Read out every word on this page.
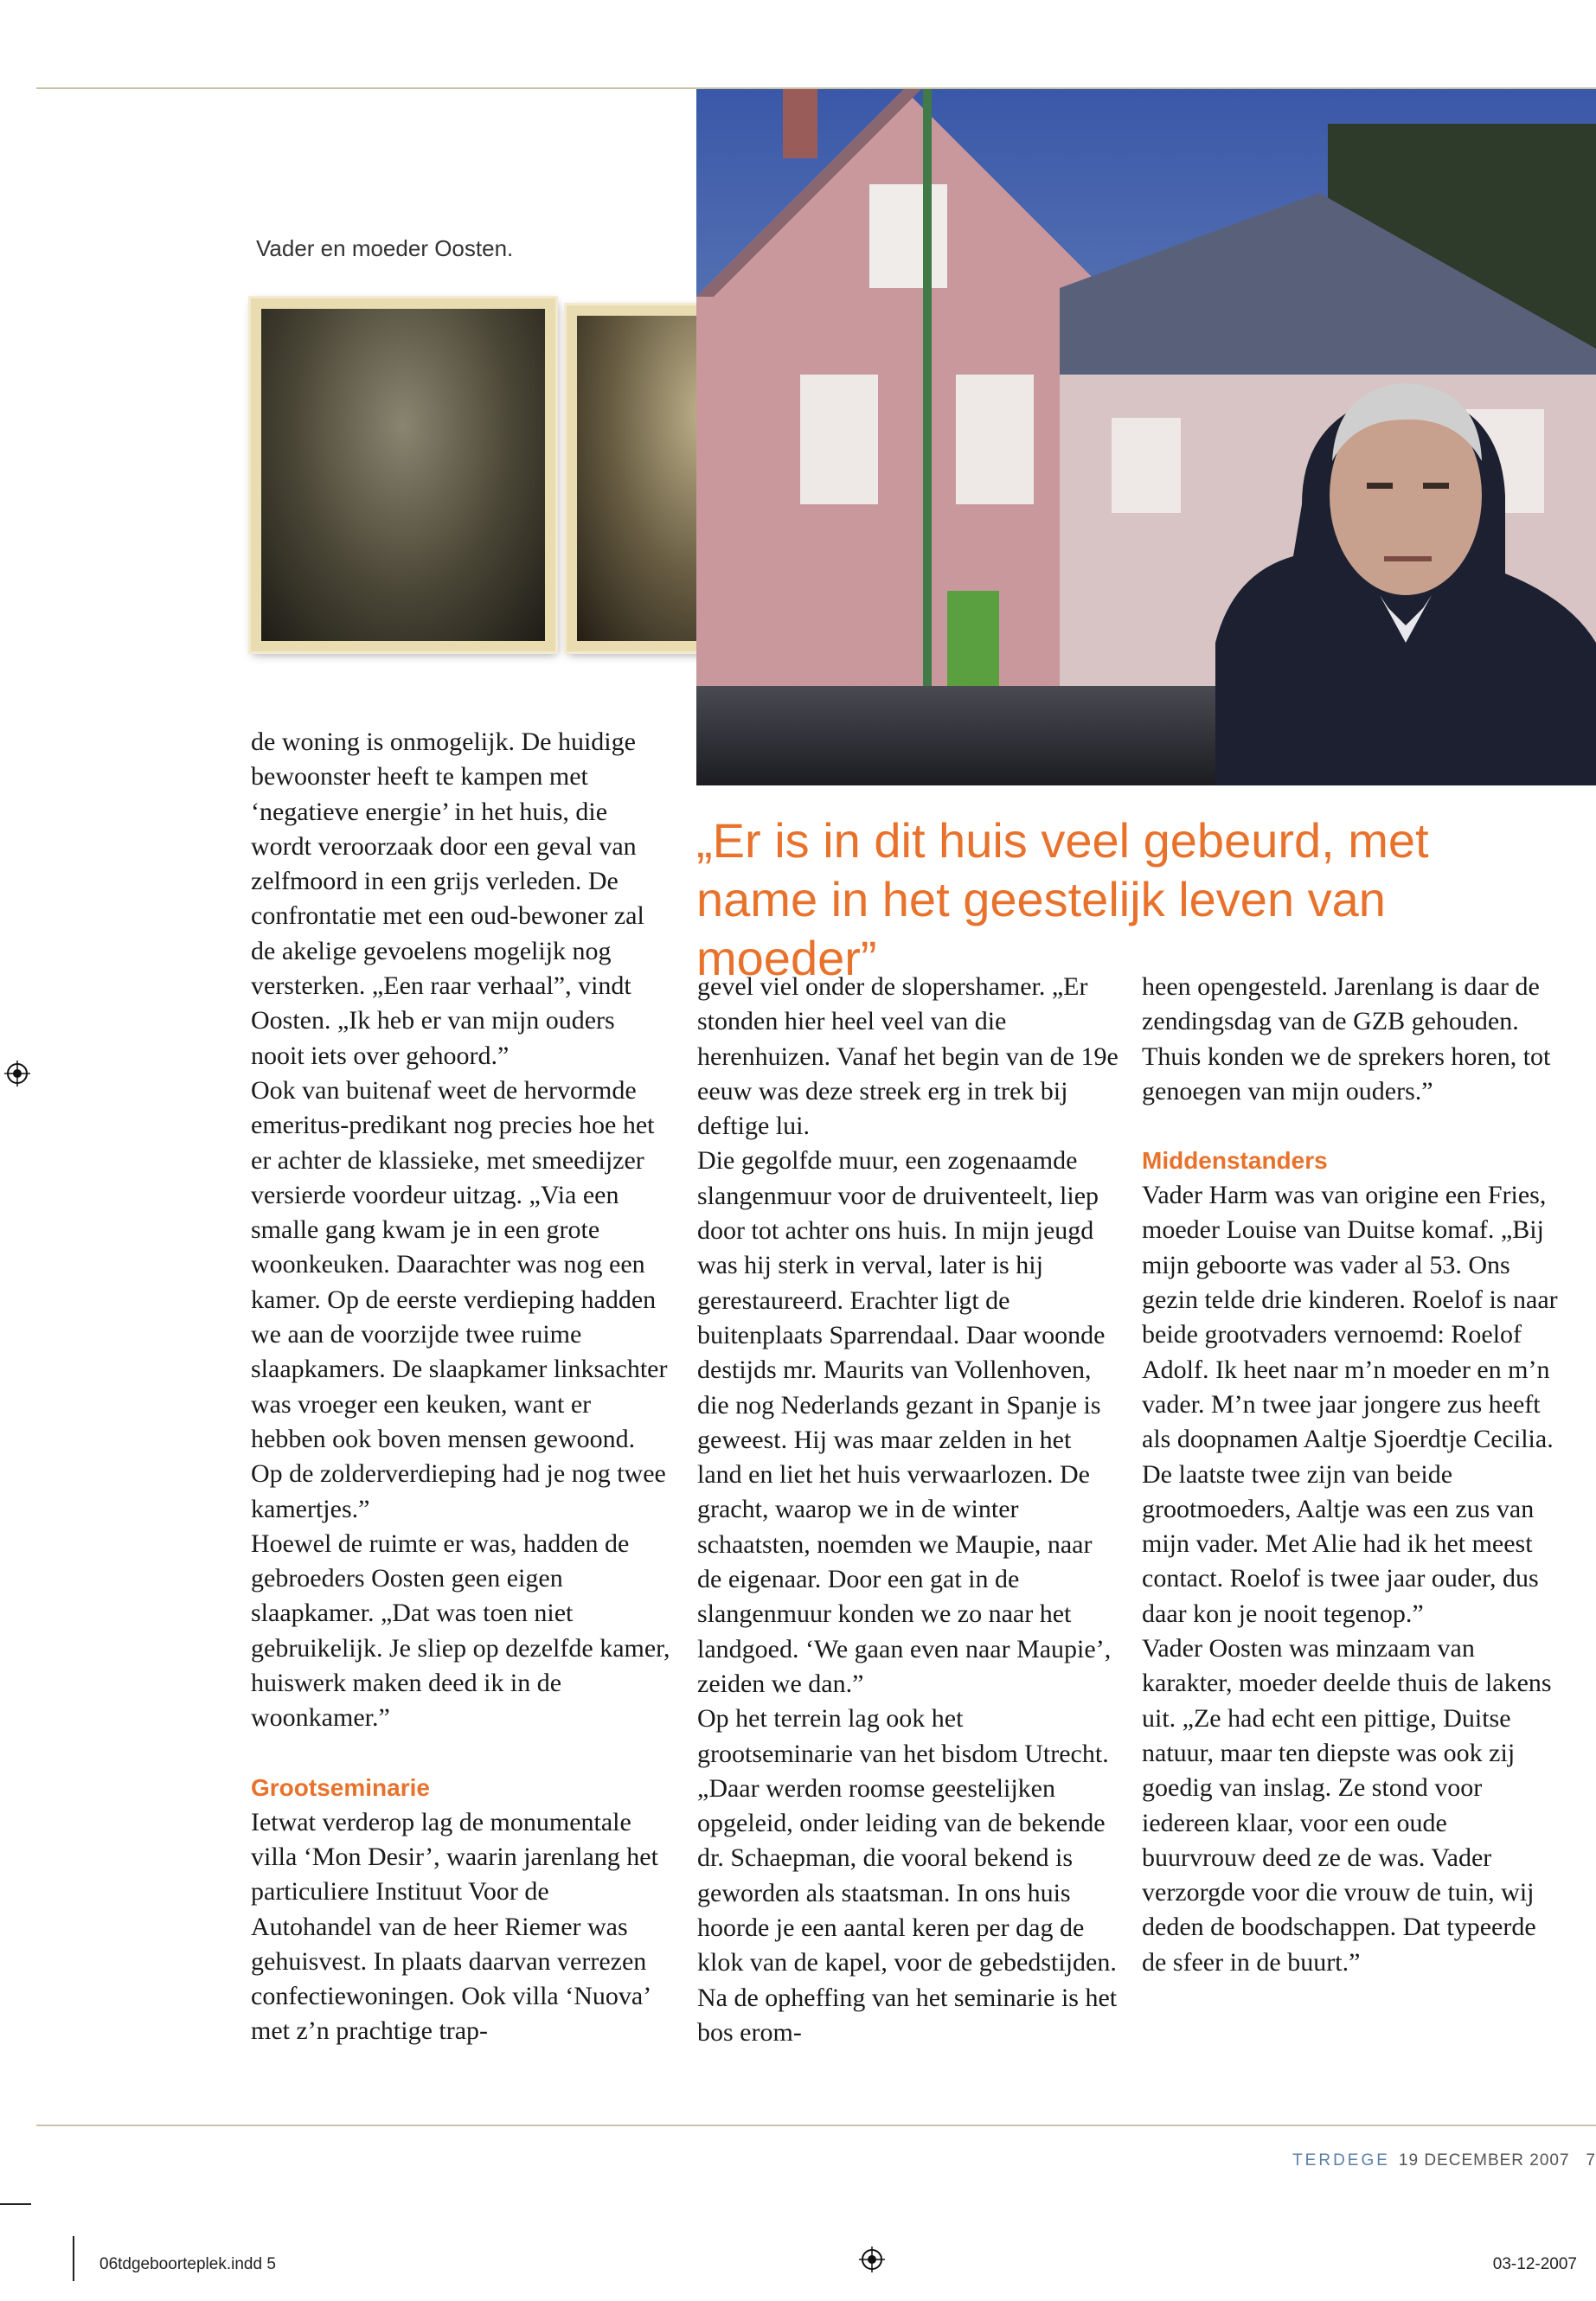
Vader en moeder Oosten.
„Er is in dit huis veel gebeurd, met name in het geestelijk leven van moeder”

de woning is onmogelijk. De huidige bewoonster heeft te kampen met ‘negatieve energie’ in het huis, die wordt veroorzaak door een geval van zelfmoord in een grijs verleden. De confrontatie met een oud-bewoner zal de akelige gevoelens mogelijk nog versterken. „Een raar verhaal”, vindt Oosten. „Ik heb er van mijn ouders nooit iets over gehoord.”

Ook van buitenaf weet de hervormde emeritus-predikant nog precies hoe het er achter de klassieke, met smeedijzer versierde voordeur uitzag. „Via een smalle gang kwam je in een grote woonkeuken. Daarachter was nog een kamer. Op de eerste verdieping hadden we aan de voorzijde twee ruime slaapkamers. De slaapkamer linksachter was vroeger een keuken, want er hebben ook boven mensen gewoond. Op de zolderverdieping had je nog twee kamertjes.”

Hoewel de ruimte er was, hadden de gebroeders Oosten geen eigen slaapkamer. „Dat was toen niet gebruikelijk. Je sliep op dezelfde kamer, huiswerk maken deed ik in de woonkamer.”

Grootseminarie

Ietwat verderop lag de monumentale villa ‘Mon Desir’, waarin jarenlang het particuliere Instituut Voor de Autohandel van de heer Riemer was gehuisvest. In plaats daarvan verrezen confectiewoningen. Ook villa ‘Nuova’ met z’n prachtige trap-

gevel viel onder de slopershamer. „Er stonden hier heel veel van die herenhuizen. Vanaf het begin van de 19e eeuw was deze streek erg in trek bij deftige lui.

Die gegolfde muur, een zogenaamde slangenmuur voor de druiventeelt, liep door tot achter ons huis. In mijn jeugd was hij sterk in verval, later is hij gerestaureerd. Erachter ligt de buitenplaats Sparrendaal. Daar woonde destijds mr. Maurits van Vollenhoven, die nog Nederlands gezant in Spanje is geweest. Hij was maar zelden in het land en liet het huis verwaarlozen. De gracht, waarop we in de winter schaatsten, noemden we Maupie, naar de eigenaar. Door een gat in de slangenmuur konden we zo naar het landgoed. ‘We gaan even naar Maupie’, zeiden we dan.”

Op het terrein lag ook het grootseminarie van het bisdom Utrecht. „Daar werden roomse geestelijken opgeleid, onder leiding van de bekende dr. Schaepman, die vooral bekend is geworden als staatsman. In ons huis hoorde je een aantal keren per dag de klok van de kapel, voor de gebedstijden. Na de opheffing van het seminarie is het bos erom-

heen opengesteld. Jarenlang is daar de zendingsdag van de GZB gehouden. Thuis konden we de sprekers horen, tot genoegen van mijn ouders.”

Middenstanders

Vader Harm was van origine een Fries, moeder Louise van Duitse komaf. „Bij mijn geboorte was vader al 53. Ons gezin telde drie kinderen. Roelof is naar beide grootvaders vernoemd: Roelof Adolf. Ik heet naar m’n moeder en m’n vader. M’n twee jaar jongere zus heeft als doopnamen Aaltje Sjoerdtje Cecilia. De laatste twee zijn van beide grootmoeders, Aaltje was een zus van mijn vader. Met Alie had ik het meest contact. Roelof is twee jaar ouder, dus daar kon je nooit tegenop.”

Vader Oosten was minzaam van karakter, moeder deelde thuis de lakens uit. „Ze had echt een pittige, Duitse natuur, maar ten diepste was ook zij goedig van inslag. Ze stond voor iedereen klaar, voor een oude buurvrouw deed ze de was. Vader verzorgde voor die vrouw de tuin, wij deden de boodschappen. Dat typeerde de sfeer in de buurt.”

TERDEGE 19 DECEMBER 2007 7
06tdgeboorteplek.indd 5	03-12-2007
